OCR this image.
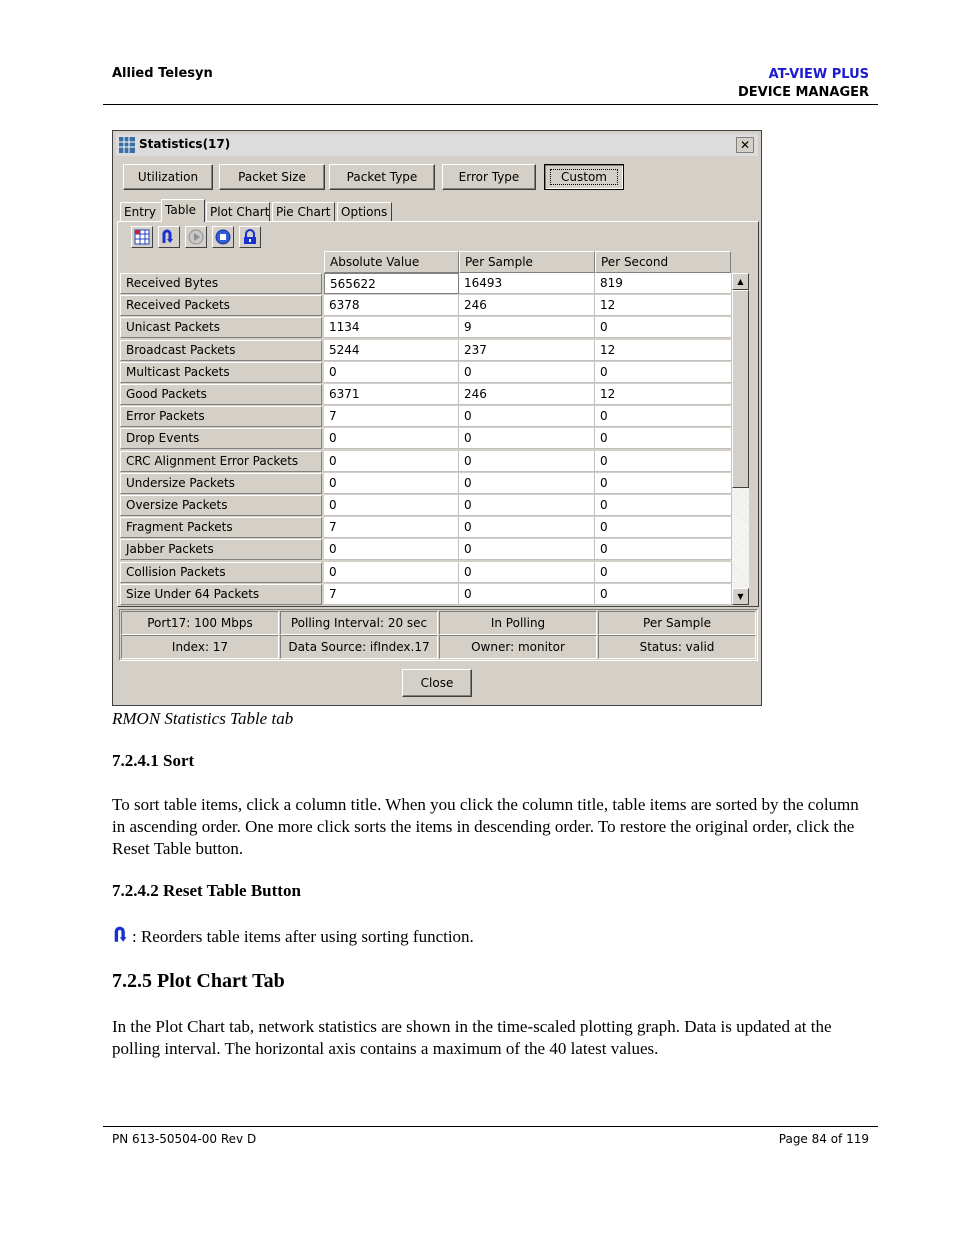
Allied Telesyn	AT-VIEW PLUS
DEVICE MANAGER
Statistics(17)	✕
Utilization	Packet Size	Packet Type	Error Type	Custom
Entry Table	Plot Chart Pie Chart Options
Absolute Value	Per Sample	Per Second
▲
▼
Port17: 100 Mbps	Polling Interval: 20 sec	In Polling	Per Sample
Index: 17	Data Source: ifIndex.17	Owner: monitor	Status: valid
Close
Received Bytes	565622	16493	819
Received Packets	6378	246	12
Unicast Packets	1134	9	0
Broadcast Packets	5244	237	12
Multicast Packets	0	0	0
Good Packets	6371	246	12
Error Packets	7	0	0
Drop Events	0	0	0
CRC Alignment Error Packets	0	0	0
Undersize Packets	0	0	0
Oversize Packets	0	0	0
Fragment Packets	7	0	0
Jabber Packets	0	0	0
Collision Packets	0	0	0
Size Under 64 Packets	7	0	0
RMON Statistics Table tab
7.2.4.1 Sort
To sort table items, click a column title. When you click the column title, table items are sorted by the column in ascending order. One more click sorts the items in descending order. To restore the original order, click the Reset Table button.
7.2.4.2 Reset Table Button
: Reorders table items after using sorting function.
7.2.5 Plot Chart Tab
In the Plot Chart tab, network statistics are shown in the time-scaled plotting graph. Data is updated at the polling interval. The horizontal axis contains a maximum of the 40 latest values.
PN 613-50504-00 Rev D	Page 84 of 119
